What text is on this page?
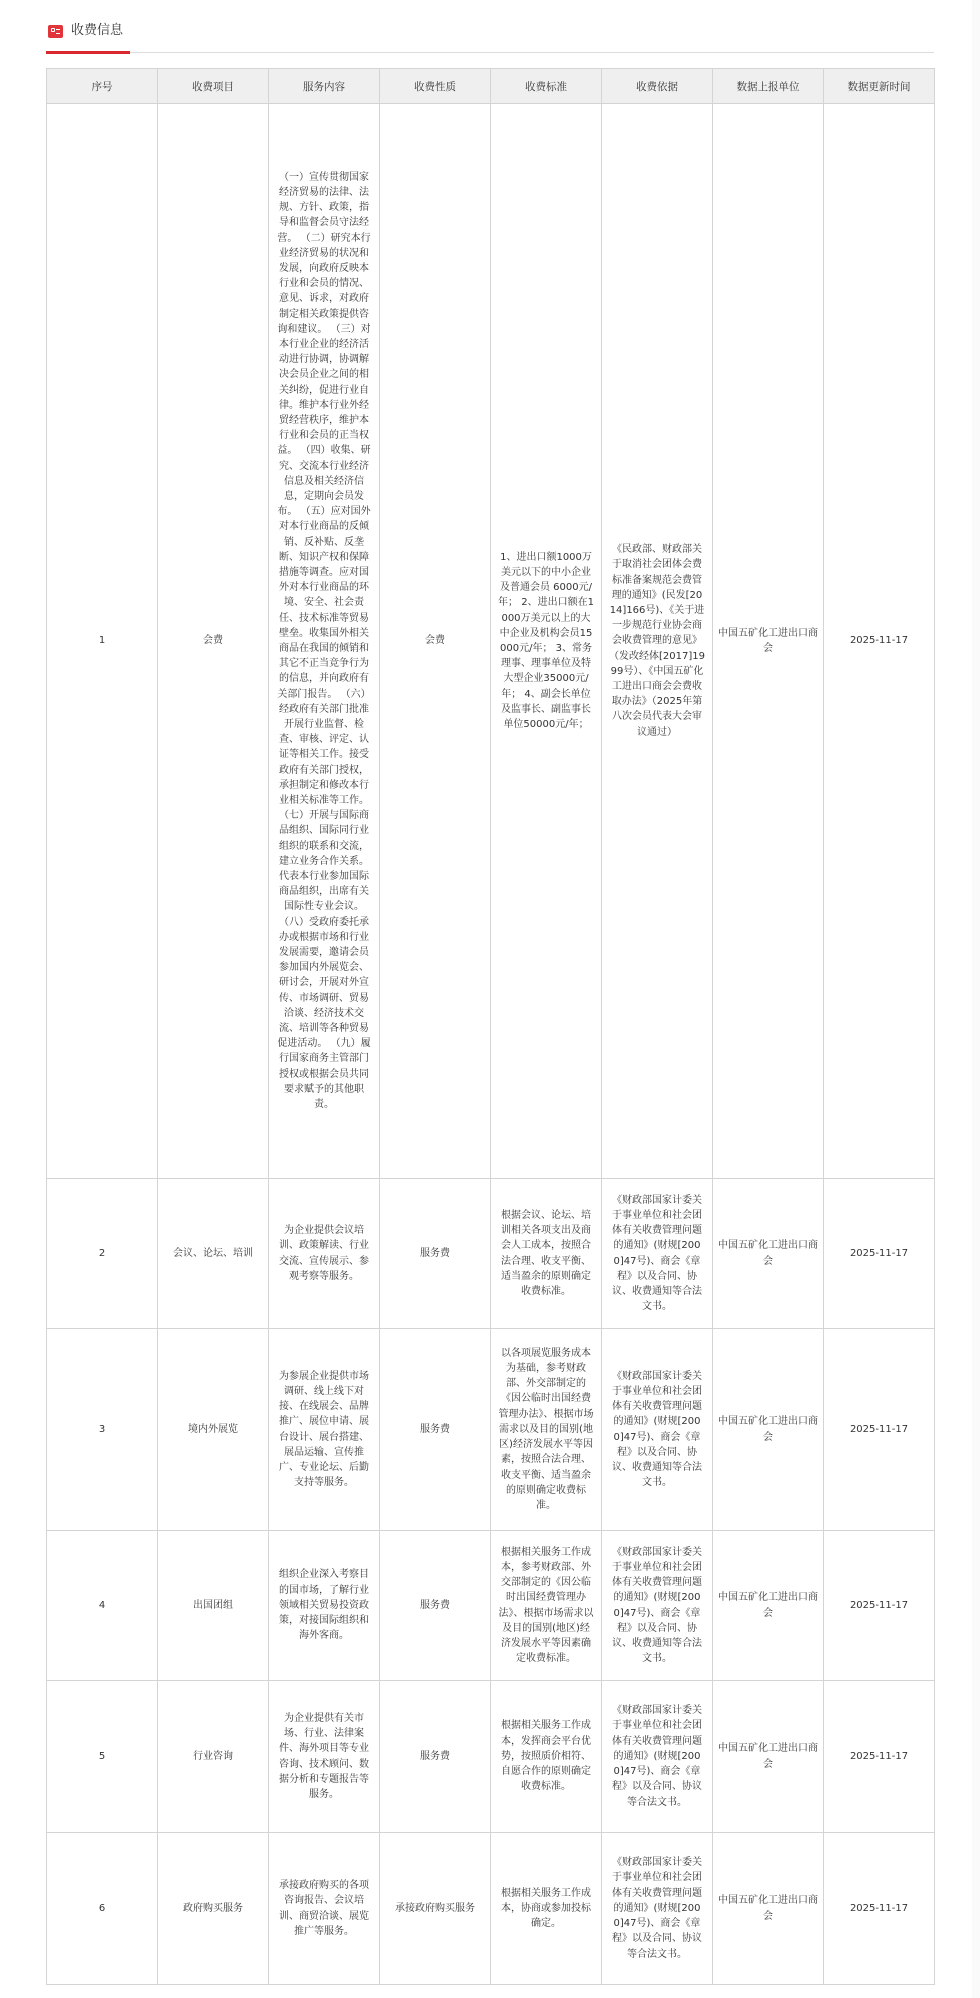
收费信息
序号	收费项目	服务内容	收费性质	收费标准	收费依据	数据上报单位	数据更新时间
1	会费	（一）宣传贯彻国家经济贸易的法律、法规、方针、政策，指导和监督会员守法经营。 （二）研究本行业经济贸易的状况和发展，向政府反映本行业和会员的情况、意见、诉求，对政府制定相关政策提供咨询和建议。 （三）对本行业企业的经济活动进行协调，协调解决会员企业之间的相关纠纷，促进行业自律。维护本行业外经贸经营秩序，维护本行业和会员的正当权益。 （四）收集、研究、交流本行业经济信息及相关经济信息，定期向会员发布。 （五）应对国外对本行业商品的反倾销、反补贴、反垄断、知识产权和保障措施等调查。应对国外对本行业商品的环境、安全、社会责任、技术标准等贸易壁垒。收集国外相关商品在我国的倾销和其它不正当竞争行为的信息，并向政府有关部门报告。 （六）经政府有关部门批准开展行业监督、检查、审核、评定、认证等相关工作。接受政府有关部门授权，承担制定和修改本行业相关标准等工作。 （七）开展与国际商品组织、国际同行业组织的联系和交流，建立业务合作关系。代表本行业参加国际商品组织，出席有关国际性专业会议。 （八）受政府委托承办或根据市场和行业发展需要，邀请会员参加国内外展览会、研讨会，开展对外宣传、市场调研、贸易洽谈、经济技术交流、培训等各种贸易促进活动。 （九）履行国家商务主管部门授权或根据会员共同要求赋予的其他职责。	会费	1、进出口额1000万美元以下的中小企业及普通会员 6000元/年； 2、进出口额在1000万美元以上的大中企业及机构会员15000元/年； 3、常务理事、理事单位及特大型企业35000元/年； 4、副会长单位及监事长、副监事长单位50000元/年；	《民政部、财政部关于取消社会团体会费标准备案规范会费管理的通知》(民发[2014]166号)、《关于进一步规范行业协会商会收费管理的意见》（发改经体[2017]1999号）、《中国五矿化工进出口商会会费收取办法》（2025年第八次会员代表大会审议通过）	中国五矿化工进出口商会	2025-11-17
2	会议、论坛、培训	为企业提供会议培训、政策解读、行业交流、宣传展示、参观考察等服务。	服务费	根据会议、论坛、培训相关各项支出及商会人工成本，按照合法合理、收支平衡、适当盈余的原则确定收费标准。	《财政部国家计委关于事业单位和社会团体有关收费管理问题的通知》(财规[2000]47号)、商会《章程》以及合同、协议、收费通知等合法文书。	中国五矿化工进出口商会	2025-11-17
3	境内外展览	为参展企业提供市场调研、线上线下对接、在线展会、品牌推广、展位申请、展台设计、展台搭建、展品运输、宣传推广、专业论坛、后勤支持等服务。	服务费	以各项展览服务成本为基础，参考财政部、外交部制定的《因公临时出国经费管理办法》、根据市场需求以及目的国别(地区)经济发展水平等因素，按照合法合理、收支平衡、适当盈余的原则确定收费标准。	《财政部国家计委关于事业单位和社会团体有关收费管理问题的通知》(财规[2000]47号)、商会《章程》以及合同、协议、收费通知等合法文书。	中国五矿化工进出口商会	2025-11-17
4	出国团组	组织企业深入考察目的国市场，了解行业领域相关贸易投资政策，对接国际组织和海外客商。	服务费	根据相关服务工作成本，参考财政部、外交部制定的《因公临时出国经费管理办法》、根据市场需求以及目的国别(地区)经济发展水平等因素确定收费标准。	《财政部国家计委关于事业单位和社会团体有关收费管理问题的通知》(财规[2000]47号)、商会《章程》以及合同、协议、收费通知等合法文书。	中国五矿化工进出口商会	2025-11-17
5	行业咨询	为企业提供有关市场、行业、法律案件、海外项目等专业咨询、技术顾问、数据分析和专题报告等服务。	服务费	根据相关服务工作成本，发挥商会平台优势，按照质价相符、自愿合作的原则确定收费标准。	《财政部国家计委关于事业单位和社会团体有关收费管理问题的通知》(财规[2000]47号)、商会《章程》以及合同、协议等合法文书。	中国五矿化工进出口商会	2025-11-17
6	政府购买服务	承接政府购买的各项咨询报告、会议培训、商贸洽谈、展览推广等服务。	承接政府购买服务	根据相关服务工作成本，协商或参加投标确定。	《财政部国家计委关于事业单位和社会团体有关收费管理问题的通知》(财规[2000]47号)、商会《章程》以及合同、协议等合法文书。	中国五矿化工进出口商会	2025-11-17
